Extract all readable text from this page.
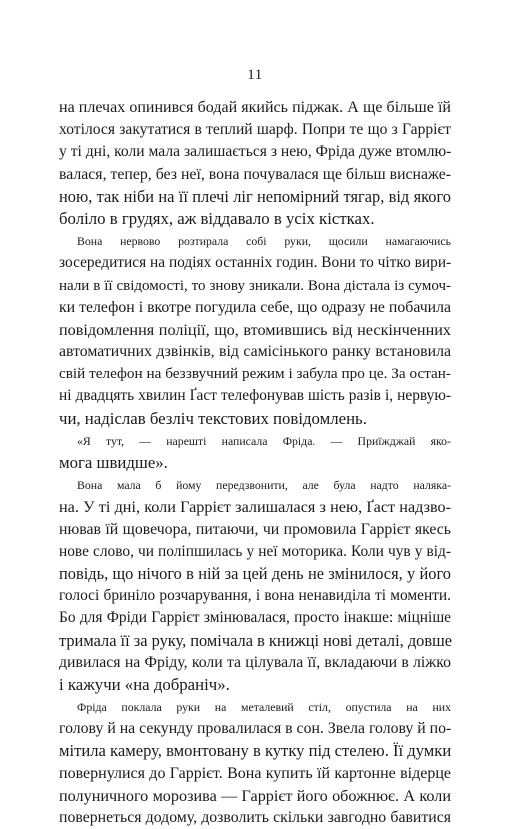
11
на плечах опинився бодай якийсь піджак. А ще більше їй
хотілося закутатися в теплий шарф. Попри те що з Гаррієт
у ті дні, коли мала залишається з нею, Фріда дуже втомлю-
валася, тепер, без неї, вона почувалася ще більш виснаже-
ною, так ніби на її плечі ліг непомірний тягар, від якого
боліло в грудях, аж віддавало в усіх кістках.
Вона нервово розтирала собі руки, щосили намагаючись
зосередитися на подіях останніх годин. Вони то чітко вири-
нали в її свідомості, то знову зникали. Вона дістала із сумоч-
ки телефон і вкотре погудила себе, що одразу не побачила
повідомлення поліції, що, втомившись від нескінченних
автоматичних дзвінків, від самісінького ранку встановила
свій телефон на беззвучний режим і забула про це. За остан-
ні двадцять хвилин Ґаст телефонував шість разів і, нервую-
чи, надіслав безліч текстових повідомлень.
«Я тут, — нарешті написала Фріда. — Приїжджай яко-
мога швидше».
Вона мала б йому передзвонити, але була надто наляка-
на. У ті дні, коли Гаррієт залишалася з нею, Ґаст надзво-
нював їй щовечора, питаючи, чи промовила Гаррієт якесь
нове слово, чи поліпшилась у неї моторика. Коли чув у від-
повідь, що нічого в ній за цей день не змінилося, у його
голосі бриніло розчарування, і вона ненавиділа ті моменти.
Бо для Фріди Гаррієт змінювалася, просто інакше: міцніше
тримала її за руку, помічала в книжці нові деталі, довше
дивилася на Фріду, коли та цілувала її, вкладаючи в ліжко
і кажучи «на добраніч».
Фріда поклала руки на металевий стіл, опустила на них
голову й на секунду провалилася в сон. Звела голову й по-
мітила камеру, вмонтовану в кутку під стелею. Її думки
повернулися до Гаррієт. Вона купить їй картонне відерце
полуничного морозива — Гаррієт його обожнює. А коли
повернеться додому, дозволить скільки завгодно бавитися
